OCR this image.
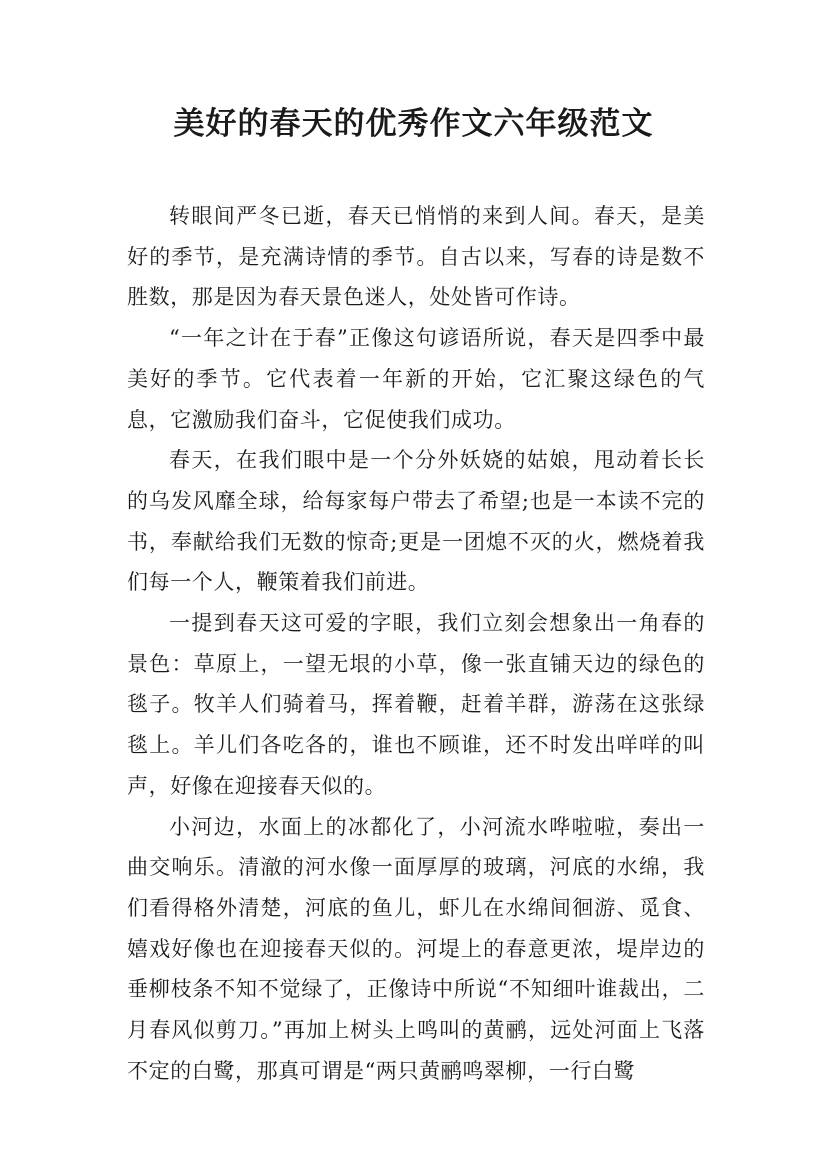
美好的春天的优秀作文六年级范文

转眼间严冬已逝，春天已悄悄的来到人间。春天，是美好的季节，是充满诗情的季节。自古以来，写春的诗是数不胜数，那是因为春天景色迷人，处处皆可作诗。

“一年之计在于春”正像这句谚语所说，春天是四季中最美好的季节。它代表着一年新的开始，它汇聚这绿色的气息，它激励我们奋斗，它促使我们成功。

春天，在我们眼中是一个分外妖娆的姑娘，甩动着长长的乌发风靡全球，给每家每户带去了希望;也是一本读不完的书，奉献给我们无数的惊奇;更是一团熄不灭的火，燃烧着我们每一个人，鞭策着我们前进。

一提到春天这可爱的字眼，我们立刻会想象出一角春的景色：草原上，一望无垠的小草，像一张直铺天边的绿色的毯子。牧羊人们骑着马，挥着鞭，赶着羊群，游荡在这张绿毯上。羊儿们各吃各的，谁也不顾谁，还不时发出咩咩的叫声，好像在迎接春天似的。

小河边，水面上的冰都化了，小河流水哗啦啦，奏出一曲交响乐。清澈的河水像一面厚厚的玻璃，河底的水绵，我们看得格外清楚，河底的鱼儿，虾儿在水绵间徊游、觅食、嬉戏好像也在迎接春天似的。河堤上的春意更浓，堤岸边的垂柳枝条不知不觉绿了，正像诗中所说“不知细叶谁裁出，二月春风似剪刀。”再加上树头上鸣叫的黄鹂，远处河面上飞落不定的白鹭，那真可谓是“两只黄鹂鸣翠柳，一行白鹭
